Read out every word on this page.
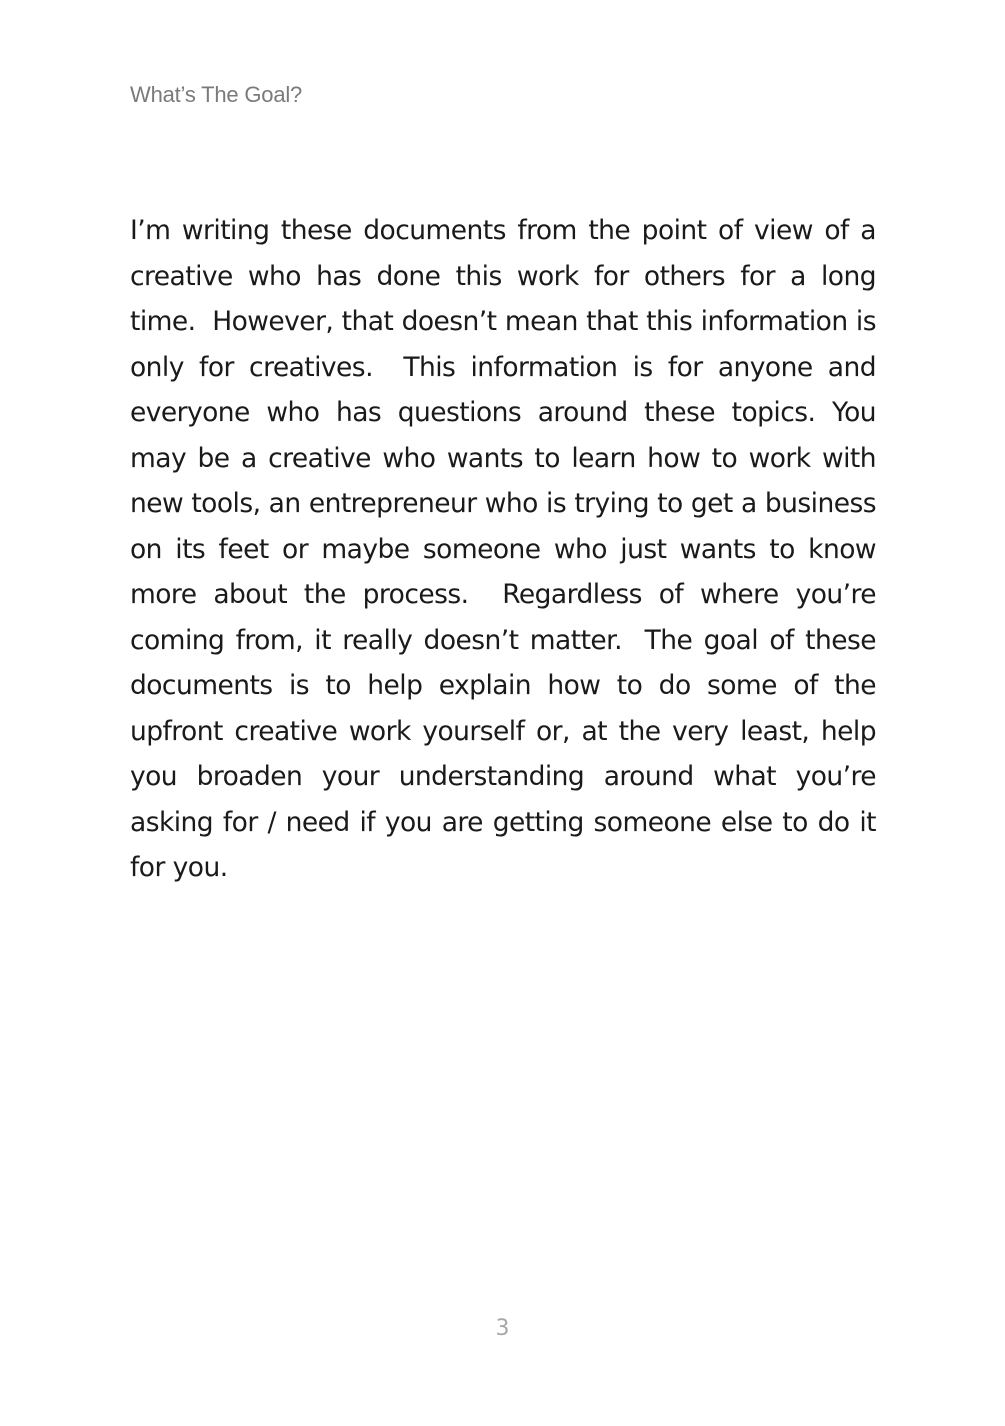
What’s The Goal?

I’m writing these documents from the point of view of a creative who has done this work for others for a long time.  However, that doesn’t mean that this information is only for creatives.  This information is for anyone and everyone who has questions around these topics. You may be a creative who wants to learn how to work with new tools, an entrepreneur who is trying to get a business on its feet or maybe someone who just wants to know more about the process.  Regardless of where you’re coming from, it really doesn’t matter.  The goal of these documents is to help explain how to do some of the upfront creative work yourself or, at the very least, help you broaden your understanding around what you’re asking for / need if you are getting someone else to do it for you.

3
